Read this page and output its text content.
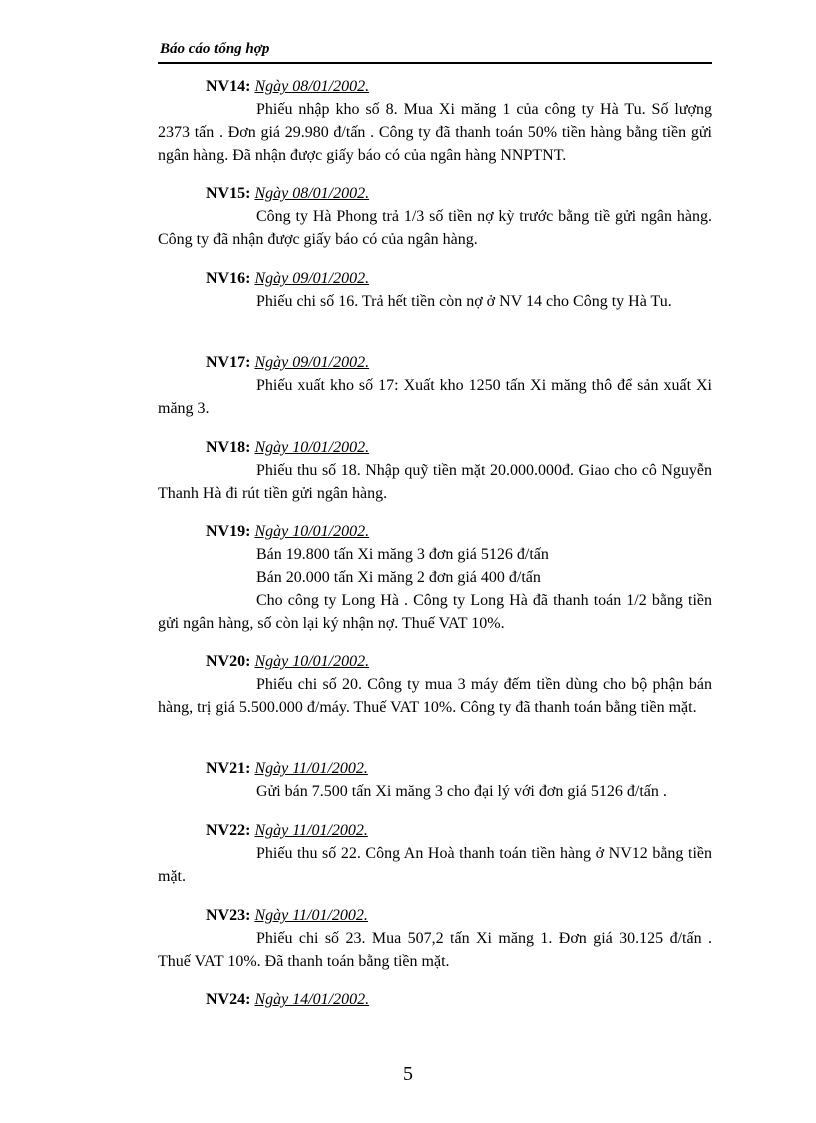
Báo cáo tổng hợp
NV14: Ngày 08/01/2002.
Phiếu nhập kho số 8. Mua Xi măng 1 của công ty Hà Tu. Số lượng 2373 tấn . Đơn giá 29.980 đ/tấn . Công ty đã thanh toán 50% tiền hàng bằng tiền gửi ngân hàng. Đã nhận được giấy báo có của ngân hàng NNPTNT.
NV15: Ngày 08/01/2002.
Công ty Hà Phong trả 1/3 số tiền nợ kỳ trước bằng tiề gửi ngân hàng. Công ty đã nhận được giấy báo có của ngân hàng.
NV16: Ngày 09/01/2002.
Phiếu chi số 16. Trả hết tiền còn nợ ở NV 14 cho Công ty Hà Tu.
NV17: Ngày 09/01/2002.
Phiếu xuất kho số 17: Xuất kho 1250 tấn Xi măng thô để sản xuất Xi măng 3.
NV18: Ngày 10/01/2002.
Phiếu thu số 18. Nhập quỹ tiền mặt 20.000.000đ. Giao cho cô Nguyễn Thanh Hà đi rút tiền gửi ngân hàng.
NV19: Ngày 10/01/2002.
Bán 19.800 tấn Xi măng 3 đơn giá 5126 đ/tấn
Bán 20.000 tấn Xi măng 2 đơn giá 400 đ/tấn
Cho công ty Long Hà . Công ty Long Hà đã thanh toán 1/2 bằng tiền gửi ngân hàng, số còn lại ký nhận nợ. Thuế VAT 10%.
NV20: Ngày 10/01/2002.
Phiếu chi số 20. Công ty mua 3 máy đếm tiền dùng cho bộ phận bán hàng, trị giá 5.500.000 đ/máy. Thuế VAT 10%. Công ty đã thanh toán bằng tiền mặt.
NV21: Ngày 11/01/2002.
Gửi bán 7.500 tấn Xi măng 3 cho đại lý với đơn giá 5126 đ/tấn .
NV22: Ngày 11/01/2002.
Phiếu thu số 22. Công An Hoà thanh toán tiền hàng ở NV12 bằng tiền mặt.
NV23: Ngày 11/01/2002.
Phiếu chi số 23. Mua 507,2 tấn Xi măng 1. Đơn giá 30.125 đ/tấn . Thuế VAT 10%. Đã thanh toán bằng tiền mặt.
NV24: Ngày 14/01/2002.
5
